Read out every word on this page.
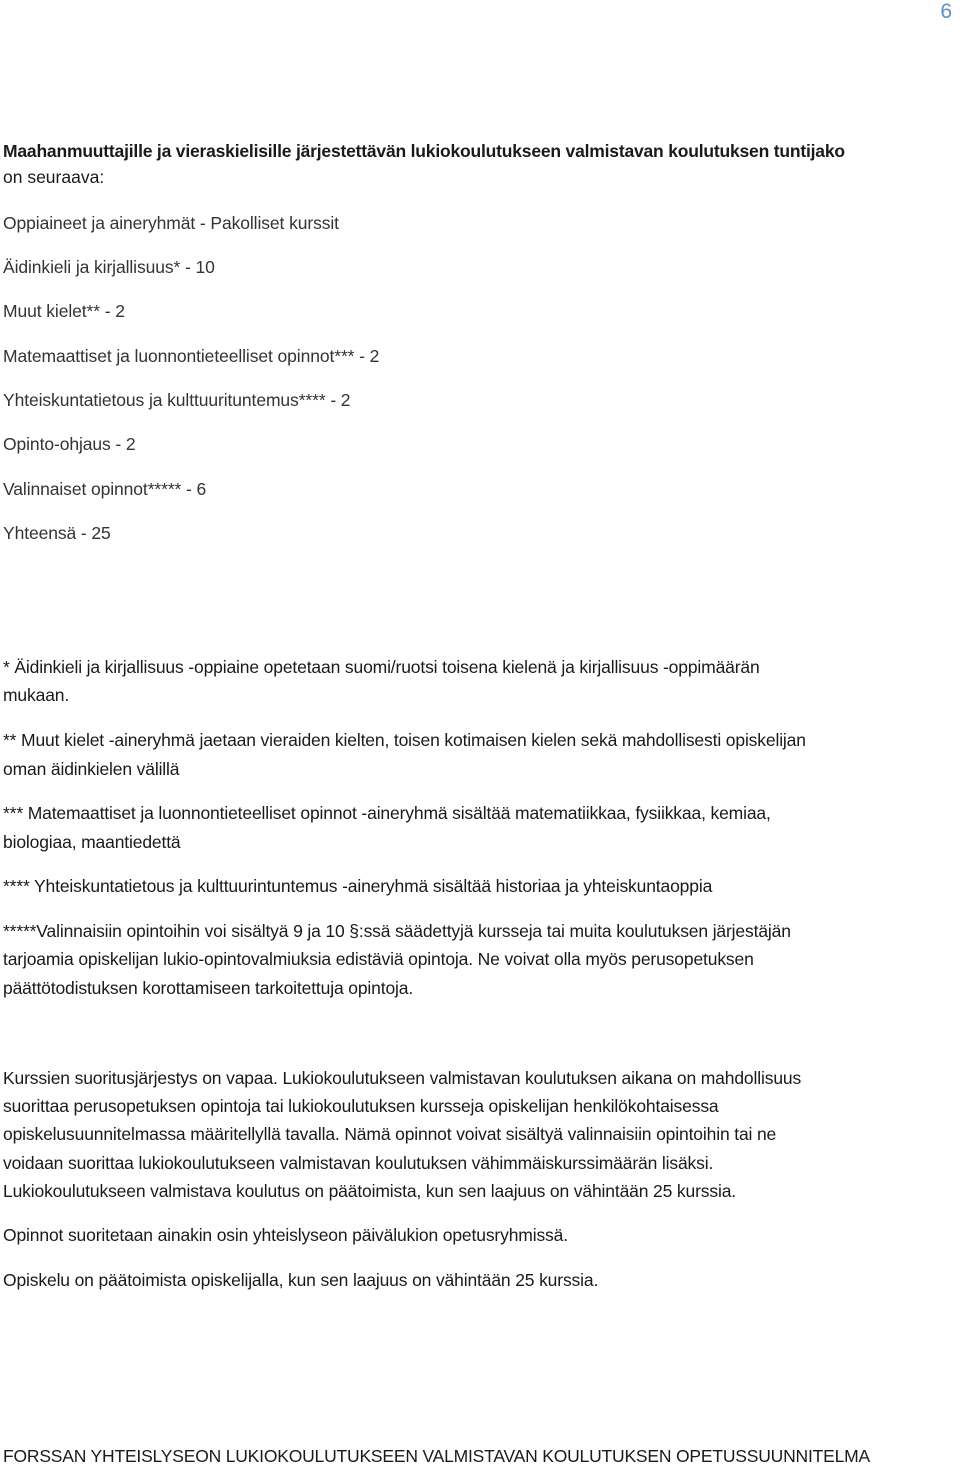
6
Maahanmuuttajille ja vieraskielisille järjestettävän lukiokoulutukseen valmistavan koulutuksen tuntijako
on seuraava:
Oppiaineet ja aineryhmät - Pakolliset kurssit
Äidinkieli ja kirjallisuus* - 10
Muut kielet** - 2
Matemaattiset ja luonnontieteelliset opinnot*** - 2
Yhteiskuntatietous ja kulttuurituntemus**** - 2
Opinto-ohjaus - 2
Valinnaiset opinnot***** - 6
Yhteensä - 25
* Äidinkieli ja kirjallisuus -oppiaine opetetaan suomi/ruotsi toisena kielenä ja kirjallisuus -oppimäärän
mukaan.
** Muut kielet -aineryhmä jaetaan vieraiden kielten, toisen kotimaisen kielen sekä mahdollisesti opiskelijan
oman äidinkielen välillä
*** Matemaattiset ja luonnontieteelliset opinnot -aineryhmä sisältää matematiikkaa, fysiikkaa, kemiaa,
biologiaa, maantiedettä
**** Yhteiskuntatietous ja kulttuurintuntemus -aineryhmä sisältää historiaa ja yhteiskuntaoppia
*****Valinnaisiin opintoihin voi sisältyä 9 ja 10 §:ssä säädettyjä kursseja tai muita koulutuksen järjestäjän
tarjoamia opiskelijan lukio-opintovalmiuksia edistäviä opintoja. Ne voivat olla myös perusopetuksen
päättötodistuksen korottamiseen tarkoitettuja opintoja.
Kurssien suoritusjärjestys on vapaa. Lukiokoulutukseen valmistavan koulutuksen aikana on mahdollisuus
suorittaa perusopetuksen opintoja tai lukiokoulutuksen kursseja opiskelijan henkilökohtaisessa
opiskelusuunnitelmassa määritellyllä tavalla. Nämä opinnot voivat sisältyä valinnaisiin opintoihin tai ne
voidaan suorittaa lukiokoulutukseen valmistavan koulutuksen vähimmäiskurssimäärän lisäksi.
Lukiokoulutukseen valmistava koulutus on päätoimista, kun sen laajuus on vähintään 25 kurssia.
Opinnot suoritetaan ainakin osin yhteislyseon päivälukion opetusryhmissä.
Opiskelu on päätoimista opiskelijalla, kun sen laajuus on vähintään 25 kurssia.
FORSSAN YHTEISLYSEON LUKIOKOULUTUKSEEN VALMISTAVAN KOULUTUKSEN OPETUSSUUNNITELMA
